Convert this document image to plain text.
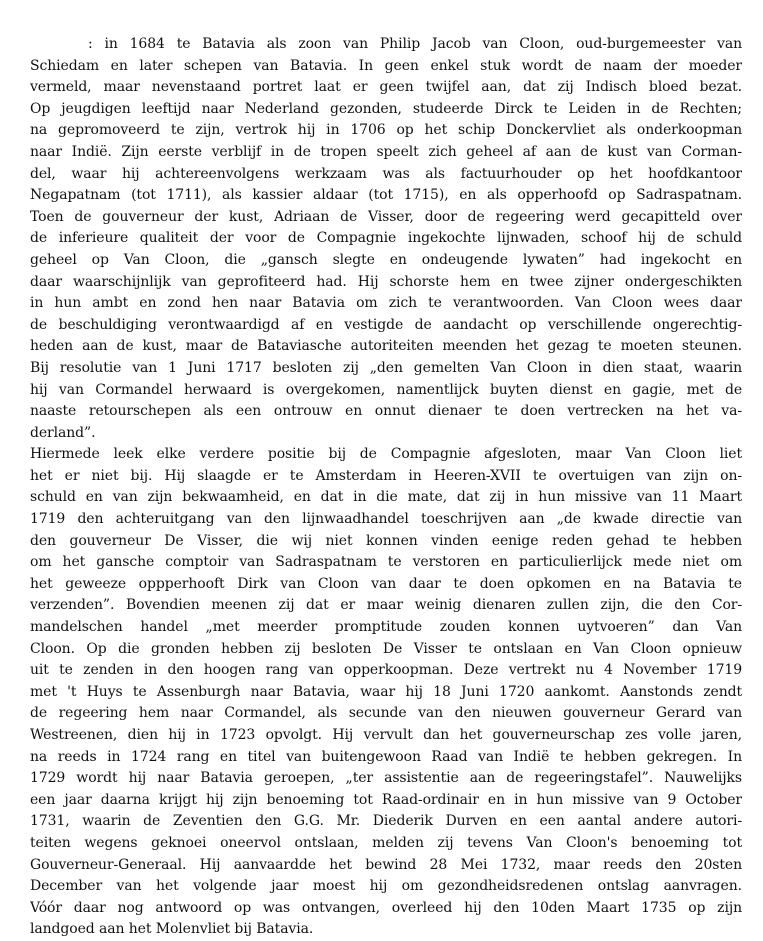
: in 1684 te Batavia als zoon van Philip Jacob van Cloon, oud-burgemeester van
Schiedam en later schepen van Batavia. In geen enkel stuk wordt de naam der moeder
vermeld, maar nevenstaand portret laat er geen twijfel aan, dat zij Indisch bloed bezat.
Op jeugdigen leeftijd naar Nederland gezonden, studeerde Dirck te Leiden in de Rechten;
na gepromoveerd te zijn, vertrok hij in 1706 op het schip Donckervliet als onderkoopman
naar Indië. Zijn eerste verblijf in de tropen speelt zich geheel af aan de kust van Corman-
del, waar hij achtereenvolgens werkzaam was als factuurhouder op het hoofdkantoor
Negapatnam (tot 1711), als kassier aldaar (tot 1715), en als opperhoofd op Sadraspatnam.
Toen de gouverneur der kust, Adriaan de Visser, door de regeering werd gecapitteld over
de inferieure qualiteit der voor de Compagnie ingekochte lijnwaden, schoof hij de schuld
geheel op Van Cloon, die „gansch slegte en ondeugende lywaten” had ingekocht en
daar waarschijnlijk van geprofiteerd had. Hij schorste hem en twee zijner ondergeschikten
in hun ambt en zond hen naar Batavia om zich te verantwoorden. Van Cloon wees daar
de beschuldiging verontwaardigd af en vestigde de aandacht op verschillende ongerechtig-
heden aan de kust, maar de Bataviasche autoriteiten meenden het gezag te moeten steunen.
Bij resolutie van 1 Juni 1717 besloten zij „den gemelten Van Cloon in dien staat, waarin
hij van Cormandel herwaard is overgekomen, namentlijck buyten dienst en gagie, met de
naaste retourschepen als een ontrouw en onnut dienaer te doen vertrecken na het va-
derland”.
Hiermede leek elke verdere positie bij de Compagnie afgesloten, maar Van Cloon liet
het er niet bij. Hij slaagde er te Amsterdam in Heeren-XVII te overtuigen van zijn on-
schuld en van zijn bekwaamheid, en dat in die mate, dat zij in hun missive van 11 Maart
1719 den achteruitgang van den lijnwaadhandel toeschrijven aan „de kwade directie van
den gouverneur De Visser, die wij niet konnen vinden eenige reden gehad te hebben
om het gansche comptoir van Sadraspatnam te verstoren en particulierlijck mede niet om
het geweeze oppperhooft Dirk van Cloon van daar te doen opkomen en na Batavia te
verzenden”. Bovendien meenen zij dat er maar weinig dienaren zullen zijn, die den Cor-
mandelschen handel „met meerder promptitude zouden konnen uytvoeren” dan Van
Cloon. Op die gronden hebben zij besloten De Visser te ontslaan en Van Cloon opnieuw
uit te zenden in den hoogen rang van opperkoopman. Deze vertrekt nu 4 November 1719
met 't Huys te Assenburgh naar Batavia, waar hij 18 Juni 1720 aankomt. Aanstonds zendt
de regeering hem naar Cormandel, als secunde van den nieuwen gouverneur Gerard van
Westreenen, dien hij in 1723 opvolgt. Hij vervult dan het gouverneurschap zes volle jaren,
na reeds in 1724 rang en titel van buitengewoon Raad van Indië te hebben gekregen. In
1729 wordt hij naar Batavia geroepen, „ter assistentie aan de regeeringstafel”. Nauwelijks
een jaar daarna krijgt hij zijn benoeming tot Raad-ordinair en in hun missive van 9 October
1731, waarin de Zeventien den G.G. Mr. Diederik Durven en een aantal andere autori-
teiten wegens geknoei oneervol ontslaan, melden zij tevens Van Cloon's benoeming tot
Gouverneur-Generaal. Hij aanvaardde het bewind 28 Mei 1732, maar reeds den 20sten
December van het volgende jaar moest hij om gezondheidsredenen ontslag aanvragen.
Vóór daar nog antwoord op was ontvangen, overleed hij den 10den Maart 1735 op zijn
landgoed aan het Molenvliet bij Batavia.
